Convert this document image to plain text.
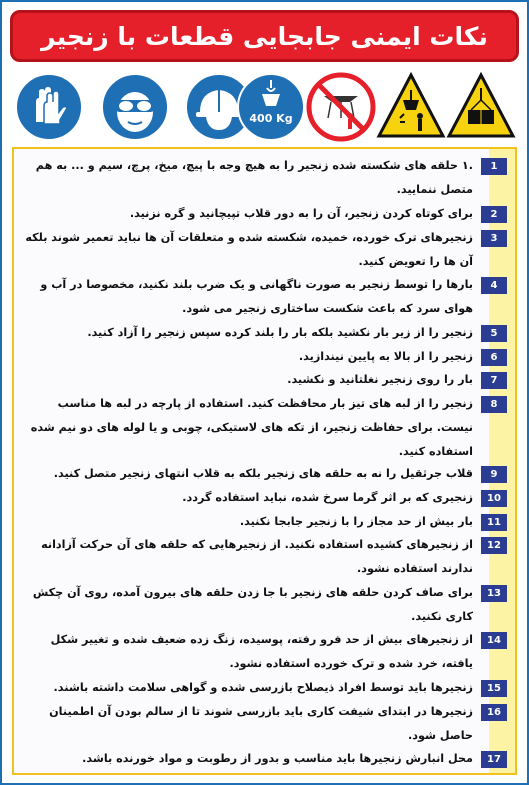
نکات ایمنی جابجایی قطعات با زنجیر
400 Kg
1
.۱ حلقه های شکسته شده زنجیر را به هیچ وجه با پیچ، میخ، پرچ، سیم و ... به هم متصل ننمایید.
2
برای کوتاه کردن زنجیر، آن را به دور قلاب تپیچانید و گره نزنید.
3
زنجیرهای ترک خورده، خمیده، شکسته شده و متعلقات آن ها نباید تعمیر شوند بلکه آن ها را تعویض کنید.
4
بارها را توسط زنجیر به صورت ناگهانی و یک ضرب بلند نکنید، مخصوصا در آب و هوای سرد که باعث شکست ساختاری زنجیر می شود.
5
زنجیر را از زیر بار نکشید بلکه بار را بلند کرده سپس زنجیر را آزاد کنید.
6
زنجیر را از بالا به پایین نیندازید.
7
بار را روی زنجیر نغلتانید و نکشید.
8
زنجیر را از لبه های تیز بار محافظت کنید. استفاده از پارچه در لبه ها مناسب نیست. برای حفاظت زنجیر، از تکه های لاستیکی، چوبی و یا لوله های دو نیم شده استفاده کنید.
9
قلاب جرثقیل را نه به حلقه های زنجیر بلکه به قلاب انتهای زنجیر متصل کنید.
10
زنجیری که بر اثر گرما سرخ شده، نباید استفاده گردد.
11
بار بیش از حد مجاز را با زنجیر جابجا نکنید.
12
از زنجیرهای کشیده استفاده نکنید. از زنجیرهایی که حلقه های آن حرکت آزادانه ندارند استفاده نشود.
13
برای صاف کردن حلقه های زنجیر با جا زدن حلقه های بیرون آمده، روی آن چکش کاری نکنید.
14
از زنجیرهای بیش از حد فرو رفته، پوسیده، زنگ زده ضعیف شده و تغییر شکل یافته، خرد شده و ترک خورده استفاده نشود.
15
زنجیرها باید توسط افراد ذیصلاح بازرسی شده و گواهی سلامت داشته باشند.
16
زنجیرها در ابتدای شیفت کاری باید بازرسی شوند تا از سالم بودن آن اطمینان حاصل شود.
17
محل انبارش زنجیرها باید مناسب و بدور از رطوبت و مواد خورنده باشد.
